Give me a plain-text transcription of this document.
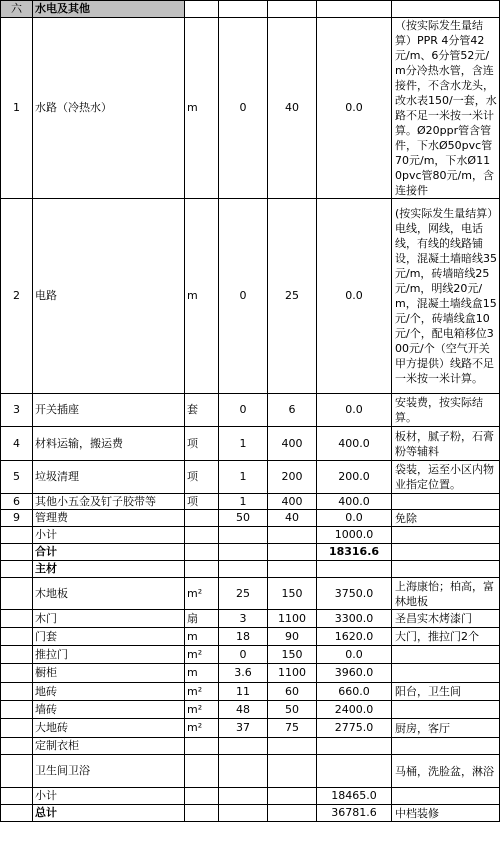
六	水电及其他					
1	水路（冷热水）	m	0	40	0.0	（按实际发生量结算）PPR 4分管42元/m、6分管52元/m分冷热水管，含连接件，不含水龙头，改水表150/一套，水路不足一米按一米计算。Ø20ppr管含管件，下水Ø50pvc管70元/m，下水Ø110pvc管80元/m，含连接件
2	电路	m	0	25	0.0	(按实际发生量结算）电线，网线，电话线，有线的线路铺设，混凝土墙暗线35元/m，砖墙暗线25元/m，明线20元/m，混凝土墙线盒15元/个，砖墙线盒10元/个，配电箱移位300元/个（空气开关甲方提供）线路不足一米按一米计算。
3	开关插座	套	0	6	0.0	安装费，按实际结算。
4	材料运输，搬运费	项	1	400	400.0	板材，腻子粉，石膏粉等辅料
5	垃圾清理	项	1	200	200.0	袋装，运至小区内物业指定位置。
6	其他小五金及钉子胶带等	项	1	400	400.0	
9	管理费		50	40	0.0	免除
	小计				1000.0	
	合计				18316.6	
	主材					
	木地板	m²	25	150	3750.0	上海康怡；柏高，富林地板
	木门	扇	3	1100	3300.0	圣昌实木烤漆门
	门套	m	18	90	1620.0	大门，推拉门2个
	推拉门	m²	0	150	0.0	
	橱柜	m	3.6	1100	3960.0	
	地砖	m²	11	60	660.0	阳台，卫生间
	墙砖	m²	48	50	2400.0	
	大地砖	m²	37	75	2775.0	厨房，客厅
	定制衣柜					
	卫生间卫浴					马桶，洗脸盆，淋浴
	小计				18465.0	
	总计				36781.6	中档装修
